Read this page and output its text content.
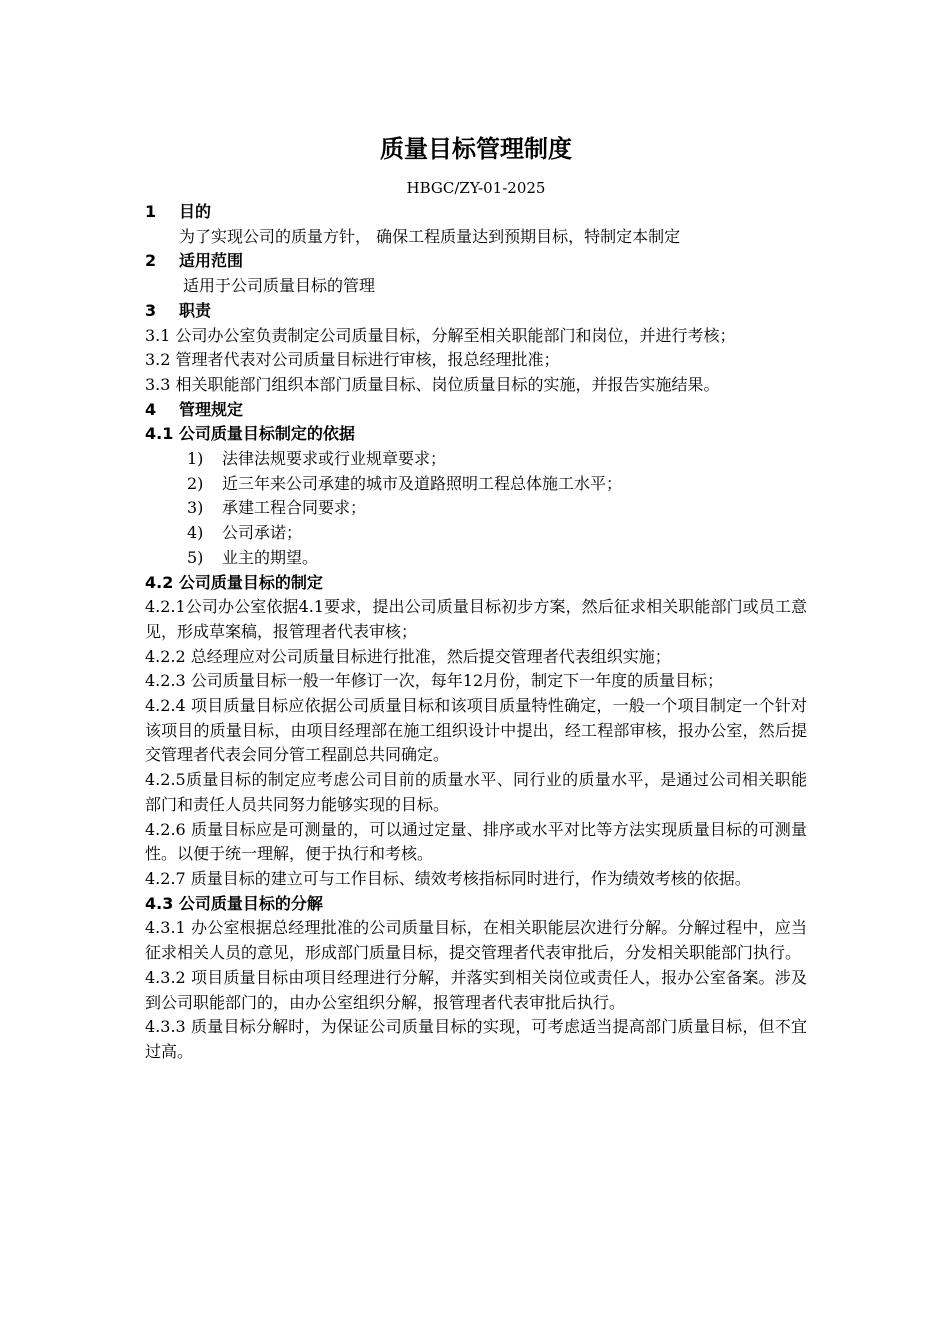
质量目标管理制度
HBGC/ZY-01-2025
1 目的
为了实现公司的质量方针， 确保工程质量达到预期目标，特制定本制定
2 适用范围
适用于公司质量目标的管理
3 职责
3.1 公司办公室负责制定公司质量目标，分解至相关职能部门和岗位，并进行考核；
3.2 管理者代表对公司质量目标进行审核，报总经理批准；
3.3 相关职能部门组织本部门质量目标、岗位质量目标的实施，并报告实施结果。
4 管理规定
4.1 公司质量目标制定的依据
1) 法律法规要求或行业规章要求；
2) 近三年来公司承建的城市及道路照明工程总体施工水平；
3) 承建工程合同要求；
4) 公司承诺；
5) 业主的期望。
4.2 公司质量目标的制定
4.2.1公司办公室依据4.1要求，提出公司质量目标初步方案，然后征求相关职能部门或员工意见，形成草案稿，报管理者代表审核；
4.2.2 总经理应对公司质量目标进行批准，然后提交管理者代表组织实施；
4.2.3 公司质量目标一般一年修订一次，每年12月份，制定下一年度的质量目标；
4.2.4 项目质量目标应依据公司质量目标和该项目质量特性确定，一般一个项目制定一个针对该项目的质量目标，由项目经理部在施工组织设计中提出，经工程部审核，报办公室，然后提交管理者代表会同分管工程副总共同确定。
4.2.5质量目标的制定应考虑公司目前的质量水平、同行业的质量水平，是通过公司相关职能部门和责任人员共同努力能够实现的目标。
4.2.6 质量目标应是可测量的，可以通过定量、排序或水平对比等方法实现质量目标的可测量性。以便于统一理解，便于执行和考核。
4.2.7 质量目标的建立可与工作目标、绩效考核指标同时进行，作为绩效考核的依据。
4.3 公司质量目标的分解
4.3.1 办公室根据总经理批准的公司质量目标，在相关职能层次进行分解。分解过程中，应当征求相关人员的意见，形成部门质量目标，提交管理者代表审批后，分发相关职能部门执行。
4.3.2 项目质量目标由项目经理进行分解，并落实到相关岗位或责任人，报办公室备案。涉及到公司职能部门的，由办公室组织分解，报管理者代表审批后执行。
4.3.3 质量目标分解时，为保证公司质量目标的实现，可考虑适当提高部门质量目标，但不宜过高。
